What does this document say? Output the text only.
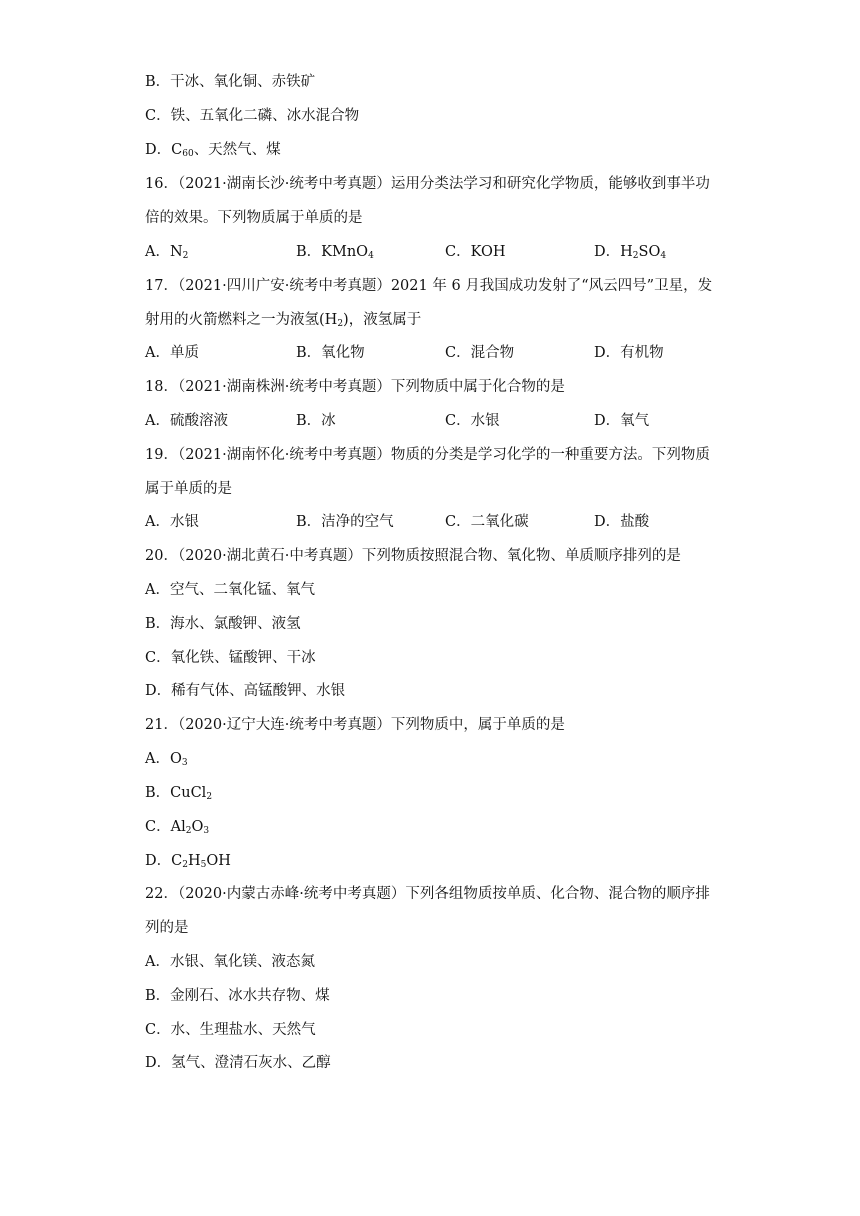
B．干冰、氧化铜、赤铁矿
C．铁、五氧化二磷、冰水混合物
D．$C_{60}$、天然气、煤
16．（2021·湖南长沙·统考中考真题）运用分类法学习和研究化学物质，能够收到事半功
倍的效果。下列物质属于单质的是
A．$N_2$	B．KMnO$_4$	C．KOH	D．$H_2SO_4$
17．（2021·四川广安·统考中考真题）2021 年 6 月我国成功发射了“风云四号”卫星，发
射用的火箭燃料之一为液氢$(H_2)$，液氢属于
A．单质	B．氧化物	C．混合物	D．有机物
18．（2021·湖南株洲·统考中考真题）下列物质中属于化合物的是
A．硫酸溶液	B．冰	C．水银	D．氧气
19．（2021·湖南怀化·统考中考真题）物质的分类是学习化学的一种重要方法。下列物质
属于单质的是
A．水银	B．洁净的空气	C．二氧化碳	D．盐酸
20．（2020·湖北黄石·中考真题）下列物质按照混合物、氧化物、单质顺序排列的是
A．空气、二氧化锰、氧气
B．海水、氯酸钾、液氢
C．氧化铁、锰酸钾、干冰
D．稀有气体、高锰酸钾、水银
21．（2020·辽宁大连·统考中考真题）下列物质中，属于单质的是
A．$O_3$
B．CuCl$_2$
C．$Al_2O_3$
D．$C_2H_5OH$
22．（2020·内蒙古赤峰·统考中考真题）下列各组物质按单质、化合物、混合物的顺序排
列的是
A．水银、氧化镁、液态氮
B．金刚石、冰水共存物、煤
C．水、生理盐水、天然气
D．氢气、澄清石灰水、乙醇
